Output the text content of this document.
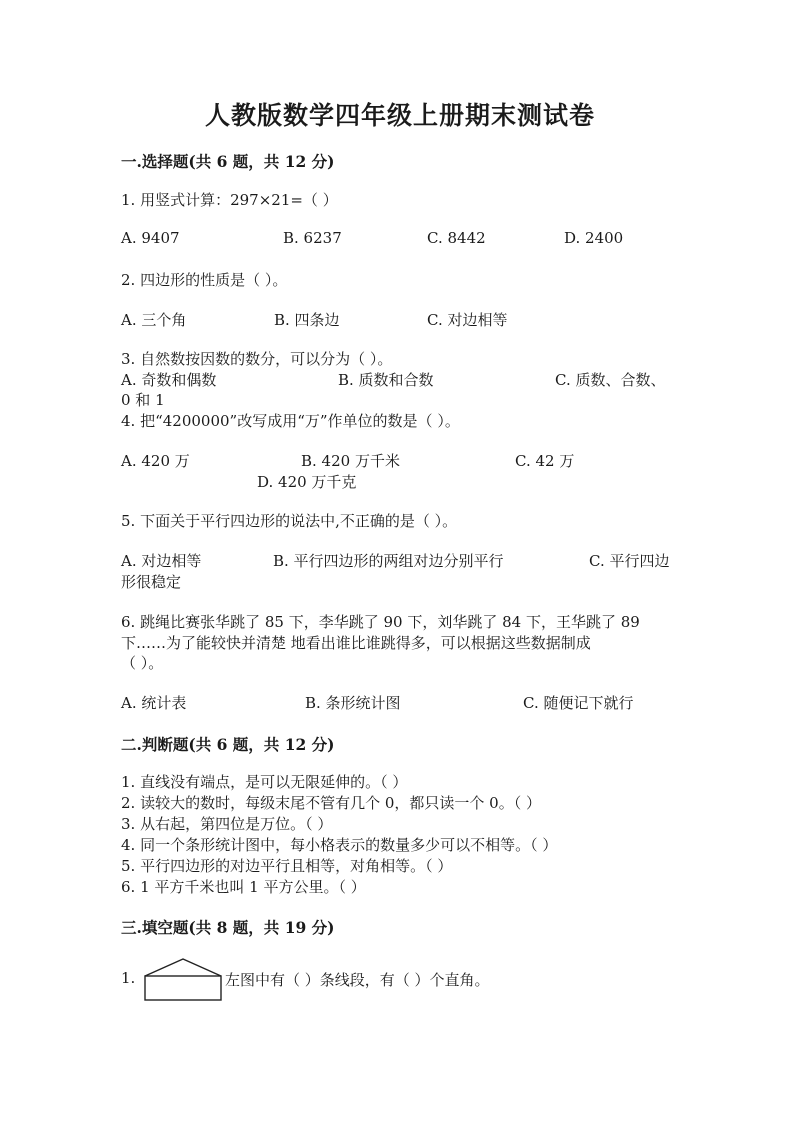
人教版数学四年级上册期末测试卷
一.选择题(共 6 题，共 12 分)
1. 用竖式计算：297×21=（ ）
A. 9407	B. 6237	C. 8442	D. 2400
2. 四边形的性质是（ ）。
A. 三个角	B. 四条边	C. 对边相等
3. 自然数按因数的数分，可以分为（ ）。
A. 奇数和偶数	B. 质数和合数	C. 质数、合数、
0 和 1
4. 把“4200000”改写成用“万”作单位的数是（ ）。
A. 420 万	B. 420 万千米	C. 42 万
D. 420 万千克
5. 下面关于平行四边形的说法中,不正确的是（ ）。
A. 对边相等	B. 平行四边形的两组对边分别平行	C. 平行四边
形很稳定
6. 跳绳比赛张华跳了 85 下，李华跳了 90 下，刘华跳了 84 下，王华跳了 89
下……为了能较快并清楚 地看出谁比谁跳得多，可以根据这些数据制成
（ ）。
A. 统计表	B. 条形统计图	C. 随便记下就行
二.判断题(共 6 题，共 12 分)
1. 直线没有端点，是可以无限延伸的。（ ）
2. 读较大的数时，每级末尾不管有几个 0，都只读一个 0。（ ）
3. 从右起，第四位是万位。（ ）
4. 同一个条形统计图中，每小格表示的数量多少可以不相等。（ ）
5. 平行四边形的对边平行且相等，对角相等。（ ）
6. 1 平方千米也叫 1 平方公里。（ ）
三.填空题(共 8 题，共 19 分)
1.	左图中有（ ）条线段，有（ ）个直角。
